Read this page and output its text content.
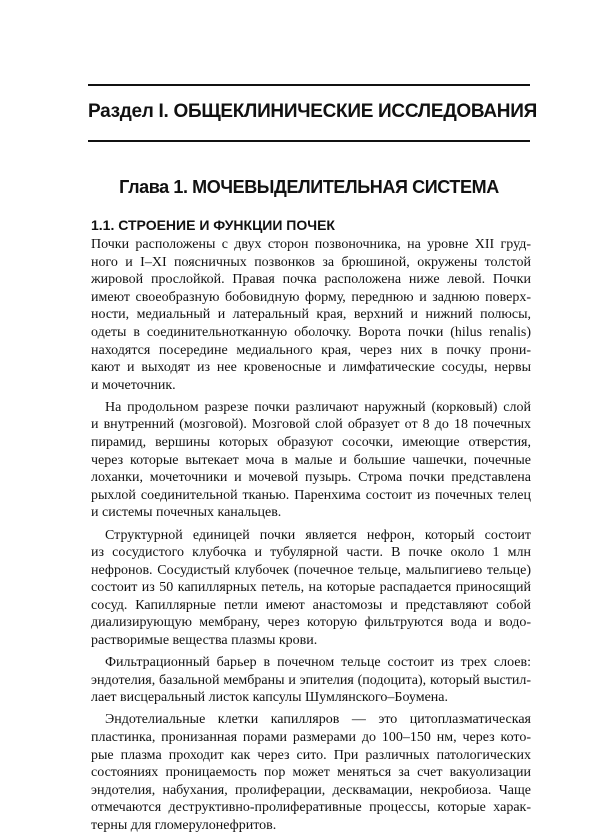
Раздел I. ОБЩЕКЛИНИЧЕСКИЕ ИССЛЕДОВАНИЯ
Глава 1. МОЧЕВЫДЕЛИТЕЛЬНАЯ СИСТЕМА
1.1. СТРОЕНИЕ И ФУНКЦИИ ПОЧЕК

Почки расположены с двух сторон позвоночника, на уровне XII груд-
ного и I–XI поясничных позвонков за брюшиной, окружены толстой
жировой прослойкой. Правая почка расположена ниже левой. Почки
имеют своеобразную бобовидную форму, переднюю и заднюю поверх-
ности, медиальный и латеральный края, верхний и нижний полюсы,
одеты в соединительнотканную оболочку. Ворота почки (hilus renalis)
находятся посередине медиального края, через них в почку прони-
кают и выходят из нее кровеносные и лимфатические сосуды, нервы
и мочеточник.

На продольном разрезе почки различают наружный (корковый) слой
и внутренний (мозговой). Мозговой слой образует от 8 до 18 почечных
пирамид, вершины которых образуют сосочки, имеющие отверстия,
через которые вытекает моча в малые и большие чашечки, почечные
лоханки, мочеточники и мочевой пузырь. Строма почки представлена
рыхлой соединительной тканью. Паренхима состоит из почечных телец
и системы почечных канальцев.

Структурной единицей почки является нефрон, который состоит
из сосудистого клубочка и тубулярной части. В почке около 1 млн
нефронов. Сосудистый клубочек (почечное тельце, мальпигиево тельце)
состоит из 50 капиллярных петель, на которые распадается приносящий
сосуд. Капиллярные петли имеют анастомозы и представляют собой
диализирующую мембрану, через которую фильтруются вода и водо-
растворимые вещества плазмы крови.

Фильтрационный барьер в почечном тельце состоит из трех слоев:
эндотелия, базальной мембраны и эпителия (подоцита), который выстил-
лает висцеральный листок капсулы Шумлянского–Боумена.

Эндотелиальные клетки капилляров — это цитоплазматическая
пластинка, пронизанная порами размерами до 100–150 нм, через кото-
рые плазма проходит как через сито. При различных патологических
состояниях проницаемость пор может меняться за счет вакуолизации
эндотелия, набухания, пролиферации, десквамации, некробиоза. Чаще
отмечаются деструктивно-пролиферативные процессы, которые харак-
терны для гломерулонефритов.
